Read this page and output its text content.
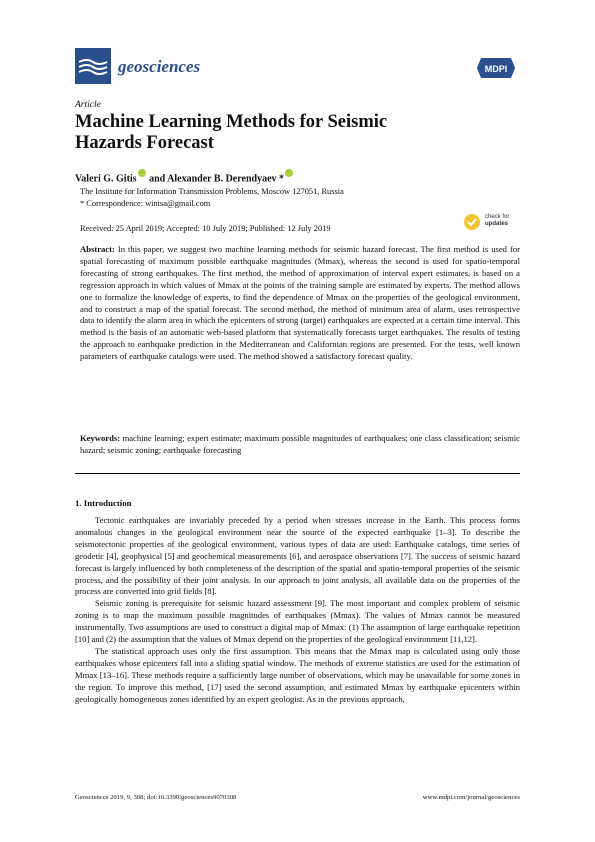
geosciences	MDPI
Article
Machine Learning Methods for Seismic Hazards Forecast
Valeri G. Gitis and Alexander B. Derendyaev *
The Institute for Information Transmission Problems, Moscow 127051, Russia
* Correspondence: wintsa@gmail.com
Received: 25 April 2019; Accepted: 10 July 2019; Published: 12 July 2019
check for
updates
Abstract: In this paper, we suggest two machine learning methods for seismic hazard forecast. The first method is used for spatial forecasting of maximum possible earthquake magnitudes (Mmax), whereas the second is used for spatio-temporal forecasting of strong earthquakes. The first method, the method of approximation of interval expert estimates, is based on a regression approach in which values of Mmax at the points of the training sample are estimated by experts. The method allows one to formalize the knowledge of experts, to find the dependence of Mmax on the properties of the geological environment, and to construct a map of the spatial forecast. The second method, the method of minimum area of alarm, uses retrospective data to identify the alarm area in which the epicenters of strong (target) earthquakes are expected at a certain time interval. This method is the basis of an automatic web-based platform that systematically forecasts target earthquakes. The results of testing the approach to earthquake prediction in the Mediterranean and Californian regions are presented. For the tests, well known parameters of earthquake catalogs were used. The method showed a satisfactory forecast quality.
Keywords: machine learning; expert estimate; maximum possible magnitudes of earthquakes; one class classification; seismic hazard; seismic zoning; earthquake forecasting
1. Introduction

Tectonic earthquakes are invariably preceded by a period when stresses increase in the Earth. This process forms anomalous changes in the geological environment near the source of the expected earthquake [1–3]. To describe the seismotectonic properties of the geological environment, various types of data are used: Earthquake catalogs, time series of geodetic [4], geophysical [5] and geochemical measurements [6], and aerospace observations [7]. The success of seismic hazard forecast is largely influenced by both completeness of the description of the spatial and spatio-temporal properties of the seismic process, and the possibility of their joint analysis. In our approach to joint analysis, all available data on the properties of the process are converted into grid fields [8].

Seismic zoning is prerequisite for seismic hazard assessment [9]. The most important and complex problem of seismic zoning is to map the maximum possible magnitudes of earthquakes (Mmax). The values of Mmax cannot be measured instrumentally. Two assumptions are used to construct a digital map of Mmax: (1) The assumption of large earthquake repetition [10] and (2) the assumption that the values of Mmax depend on the properties of the geological environment [11,12].

The statistical approach uses only the first assumption. This means that the Mmax map is calculated using only those earthquakes whose epicenters fall into a sliding spatial window. The methods of extreme statistics are used for the estimation of Mmax [13–16]. These methods require a sufficiently large number of observations, which may be unavailable for some zones in the region. To improve this method, [17] used the second assumption, and estimated Mmax by earthquake epicenters within geologically homogeneous zones identified by an expert geologist. As in the previous approach,

Geosciences 2019, 9, 308; doi:10.3390/geosciences9070308	www.mdpi.com/journal/geosciences
